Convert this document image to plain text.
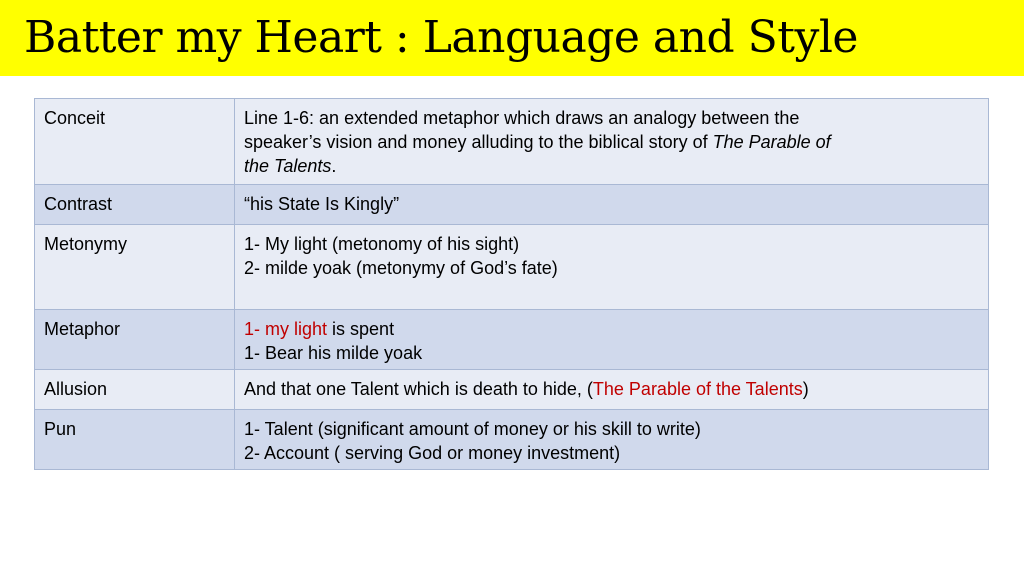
Batter my Heart : Language and Style
Conceit	Line 1-6: an extended metaphor which draws an analogy between the
speaker’s vision and money alluding to the biblical story of The Parable of
the Talents.

Contrast	“his State Is Kingly”

Metonymy	1- My light (metonomy of his sight)
2- milde yoak (metonymy of God’s fate)

Metaphor	1- my light is spent
1- Bear his milde yoak

Allusion	And that one Talent which is death to hide, (The Parable of the Talents)

Pun	1- Talent (significant amount of money or his skill to write)
2- Account ( serving God or money investment)
